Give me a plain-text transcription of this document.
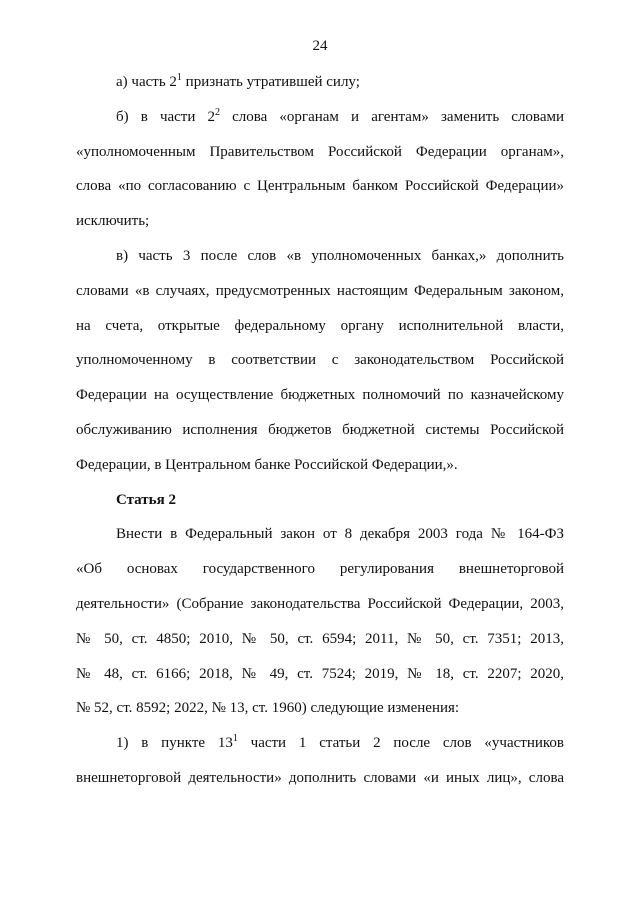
24
а) часть $2^1$ признать утратившей силу;
б) в части $2^2$ слова «органам и агентам» заменить словами
«уполномоченным Правительством Российской Федерации органам»,
слова «по согласованию с Центральным банком Российской Федерации»
исключить;
в) часть 3 после слов «в уполномоченных банках,» дополнить
словами «в случаях, предусмотренных настоящим Федеральным законом,
на счета, открытые федеральному органу исполнительной власти,
уполномоченному в соответствии с законодательством Российской
Федерации на осуществление бюджетных полномочий по казначейскому
обслуживанию исполнения бюджетов бюджетной системы Российской
Федерации, в Центральном банке Российской Федерации,».
Статья 2
Внести в Федеральный закон от 8 декабря 2003 года № 164-ФЗ
«Об основах государственного регулирования внешнеторговой
деятельности» (Собрание законодательства Российской Федерации, 2003,
№ 50, ст. 4850; 2010, № 50, ст. 6594; 2011, № 50, ст. 7351; 2013,
№ 48, ст. 6166; 2018, № 49, ст. 7524; 2019, № 18, ст. 2207; 2020,
№ 52, ст. 8592; 2022, № 13, ст. 1960) следующие изменения:
1) в пункте $13^1$ части 1 статьи 2 после слов «участников
внешнеторговой деятельности» дополнить словами «и иных лиц», слова
